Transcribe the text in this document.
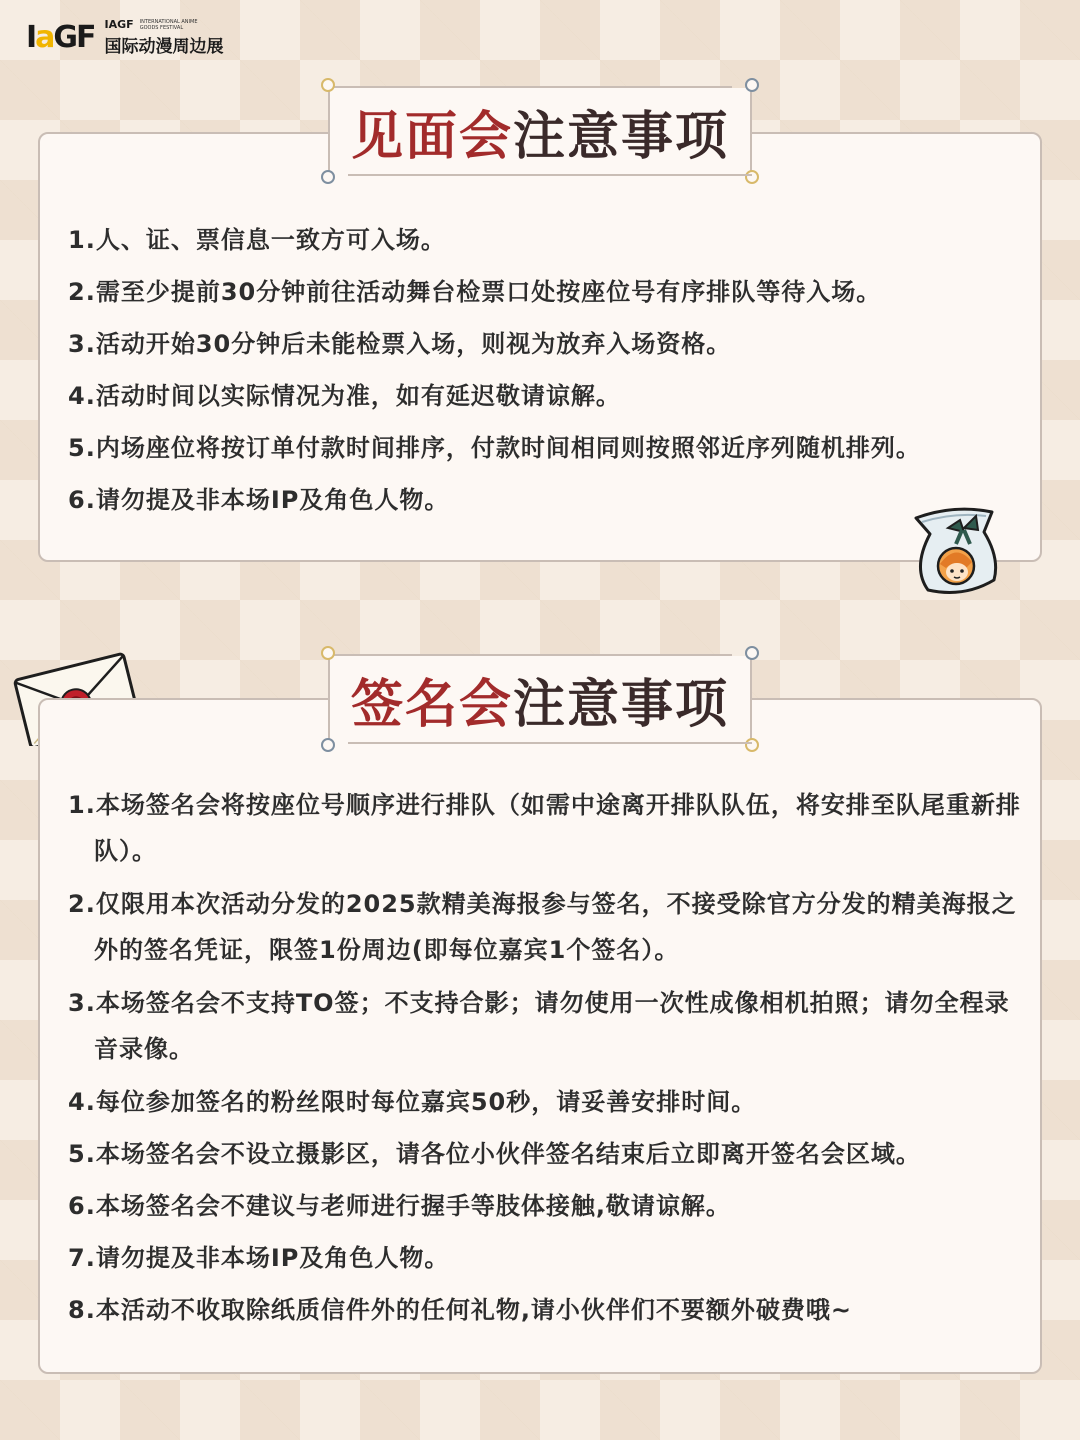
IaGF IAGF INTERNATIONAL ANIME GOODS FESTIVAL
国际动漫周边展
1.人、证、票信息一致方可入场。
2.需至少提前30分钟前往活动舞台检票口处按座位号有序排队等待入场。
3.活动开始30分钟后未能检票入场，则视为放弃入场资格。
4.活动时间以实际情况为准，如有延迟敬请谅解。
5.内场座位将按订单付款时间排序，付款时间相同则按照邻近序列随机排列。
6.请勿提及非本场IP及角色人物。
见面会注意事项
1.本场签名会将按座位号顺序进行排队（如需中途离开排队队伍，将安排至队尾重新排队）。
2.仅限用本次活动分发的2025款精美海报参与签名，不接受除官方分发的精美海报之外的签名凭证，限签1份周边(即每位嘉宾1个签名）。
3.本场签名会不支持TO签；不支持合影；请勿使用一次性成像相机拍照；请勿全程录音录像。
4.每位参加签名的粉丝限时每位嘉宾50秒，请妥善安排时间。
5.本场签名会不设立摄影区，请各位小伙伴签名结束后立即离开签名会区域。
6.本场签名会不建议与老师进行握手等肢体接触,敬请谅解。
7.请勿提及非本场IP及角色人物。
8.本活动不收取除纸质信件外的任何礼物,请小伙伴们不要额外破费哦~
签名会注意事项
